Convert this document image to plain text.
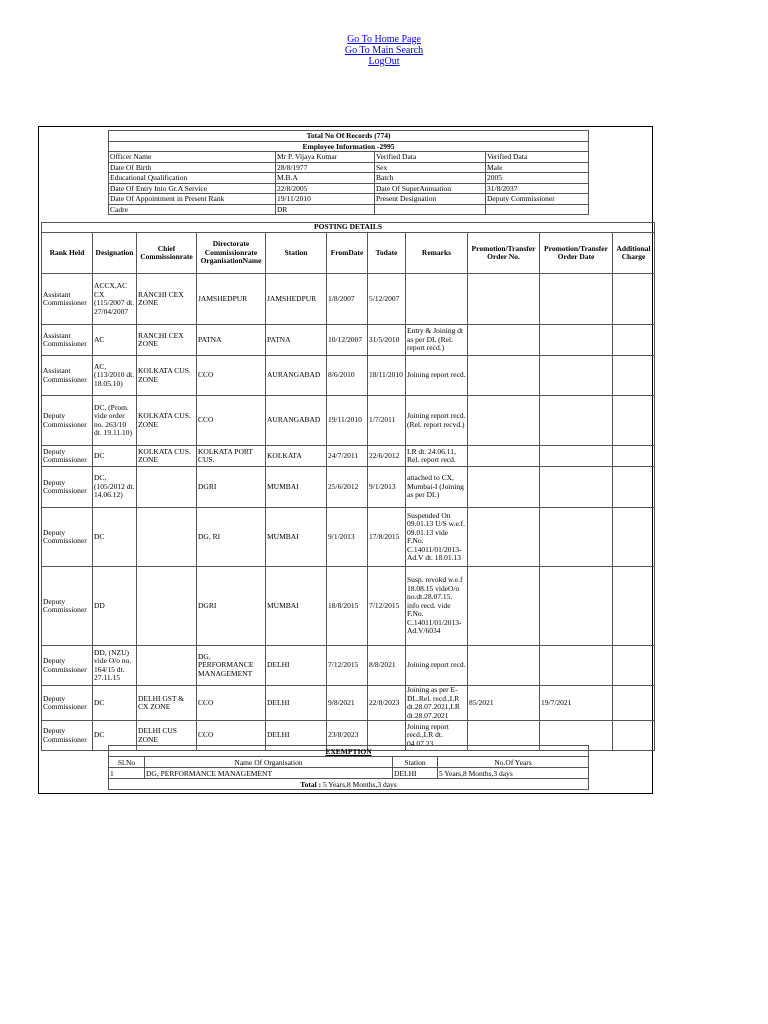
Go To Home Page
Go To Main Search
LogOut
Total No Of Records (774)			
Employee Information -2995			
Officer Name	Mr P. Vijaya Kumar	Verified Data	Verified Data
Date Of Birth	28/8/1977	Sex	Male
Educational Qualification	M.B.A	Batch	2005
Date Of Entry Into Gr.A Service	22/8/2005	Date Of SuperAnnuation	31/8/2037
Date Of Appointment in Present Rank	19/11/2010	Present Designation	Deputy Commissioner
Cadre	DR		
POSTING DETAILS										
Rank Held	Designation	Chief Commissionrate	Directorate Commissionrate OrganisationName	Station	FromDate	Todate	Remarks	Promotion/Transfer Order No.	Promotion/Transfer Order Date	Additional Charge
Assistant Commissioner	ACCX,AC CX (115/2007 dt. 27/04/2007	RANCHI CEX ZONE	JAMSHEDPUR	JAMSHEDPUR	1/8/2007	5/12/2007				
Assistant Commissioner	AC	RANCHI CEX ZONE	PATNA	PATNA	10/12/2007	31/5/2010	Entry & Joining dt as per DL (Rel. report recd.)			
Assistant Commissioner	AC, (113/2010 dt. 18.05.10)	KOLKATA CUS. ZONE	CCO	AURANGABAD	8/6/2010	18/11/2010	Joining report recd.			
Deputy Commissioner	DC, (Prom. vide order no. 263/10 dt. 19.11.10)	KOLKATA CUS. ZONE	CCO	AURANGABAD	19/11/2010	1/7/2011	Joining report recd. (Rel. report recvd.)			
Deputy Commissioner	DC	KOLKATA CUS. ZONE	KOLKATA PORT CUS.	KOLKATA	24/7/2011	22/6/2012	LR dt. 24.06.11, Rel. report recd.			
Deputy Commissioner	DC, (105/2012 dt. 14.06.12)		DGRI	MUMBAI	25/6/2012	9/1/2013	attached to CX, Mumbai-I (Joining as per DL)			
Deputy Commissioner	DC		DG, RI	MUMBAI	9/1/2013	17/8/2015	Suspended On 09.01.13 U/S w.e.f. 09.01.13 vide F.No. C.14011/01/2013-Ad.V dt. 18.01.13			
Deputy Commissioner	DD		DGRI	MUMBAI	18/8/2015	7/12/2015	Susp. revokd w.e.f 18.08.15 videO/o no.dt.28.07.15. info recd. vide F.No. C.14011/01/2013-Ad.V/6034			
Deputy Commissioner	DD, (NZU) vide O/o no. 164/15 dt. 27.11.15		DG, PERFORMANCE MANAGEMENT	DELHI	7/12/2015	8/8/2021	Joining report recd.			
Deputy Commissioner	DC	DELHI GST & CX ZONE	CCO	DELHI	9/8/2021	22/8/2023	Joining as per E-DL.Rel. recd.,LR dt.28.07.2021,LR dt.28.07.2021	85/2021	19/7/2021	
Deputy Commissioner	DC	DELHI CUS ZONE	CCO	DELHI	23/8/2023		Joining report recd.,LR dt. 04.07.23			
EXEMPTION			
Sl.No	Name Of Organisation	Station	No.Of Years
1	DG, PERFORMANCE MANAGEMENT	DELHI	5 Years,8 Months,3 days
Total : 5 Years,8 Months,3 days			
